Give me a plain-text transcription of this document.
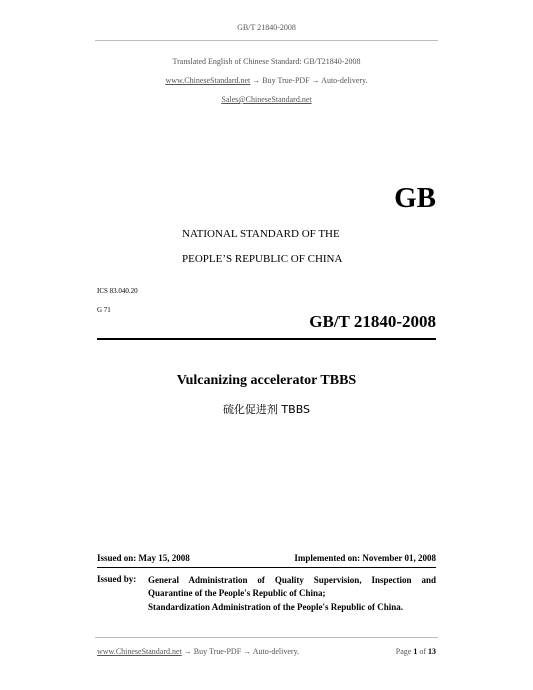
GB/T 21840-2008
Translated English of Chinese Standard: GB/T21840-2008
www.ChineseStandard.net → Buy True-PDF → Auto-delivery.
Sales@ChineseStandard.net
GB
NATIONAL STANDARD OF THE
PEOPLE’S REPUBLIC OF CHINA
ICS 83.040.20
G 71
GB/T 21840-2008
Vulcanizing accelerator TBBS
硫化促进剂 TBBS
Issued on: May 15, 2008	Implemented on: November 01, 2008
Issued by: General Administration of Quality Supervision, Inspection and Quarantine of the People's Republic of China;
Standardization Administration of the People's Republic of China.
www.ChineseStandard.net → Buy True-PDF → Auto-delivery.	Page 1 of 13
